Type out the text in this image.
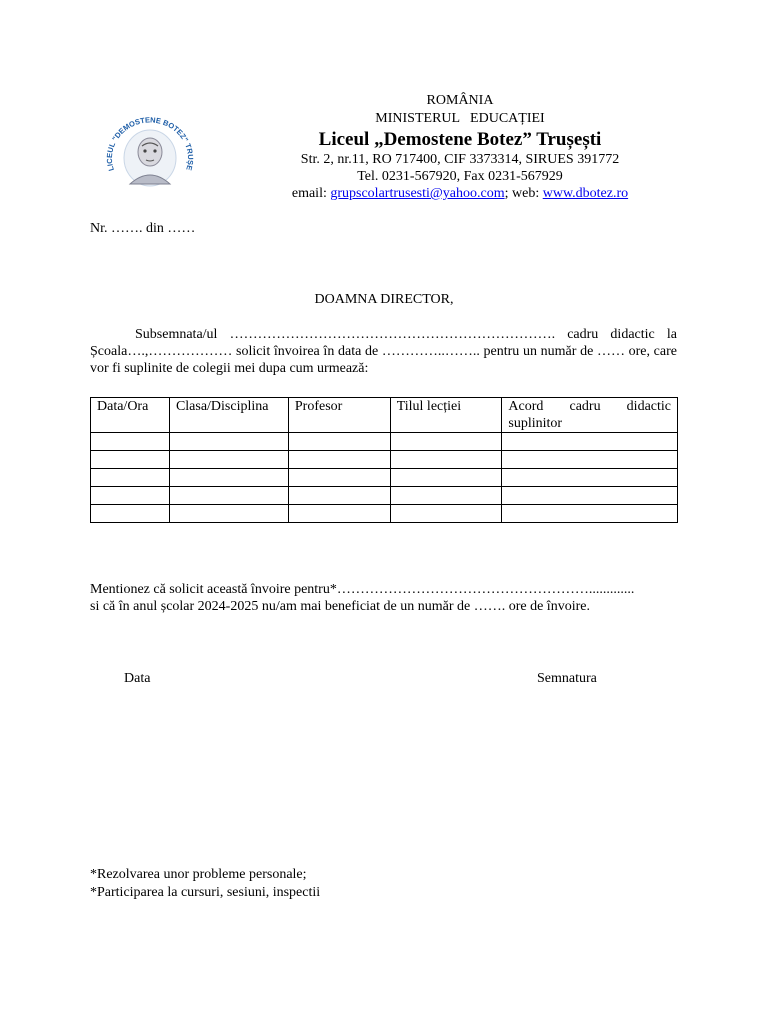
LICEUL "DEMOSTENE BOTEZ" TRUȘE
ROMÂNIA
MINISTERUL   EDUCAȚIEI
Liceul „Demostene Botez” Trușești
Str. 2, nr.11, RO 717400, CIF 3373314, SIRUES 391772
Tel. 0231-567920, Fax 0231-567929
email: grupscolartrusesti@yahoo.com; web: www.dbotez.ro
Nr. ……. din ……
DOAMNA DIRECTOR,
Subsemnata/ul ……………………………………………………………. cadru didactic la Școala….,……………… solicit învoirea în data de …………..…….. pentru un număr de …… ore, care vor fi suplinite de colegii mei dupa cum urmează:
Data/Ora	Clasa/Disciplina	Profesor	Tilul lecției	Acord cadru didactic suplinitor

Mentionez că solicit această învoire pentru*……………………………………………….............
si că în anul școlar 2024-2025 nu/am mai beneficiat de un număr de ……. ore de învoire.
Data	Semnatura
*Rezolvarea unor probleme personale;
*Participarea la cursuri, sesiuni, inspectii
